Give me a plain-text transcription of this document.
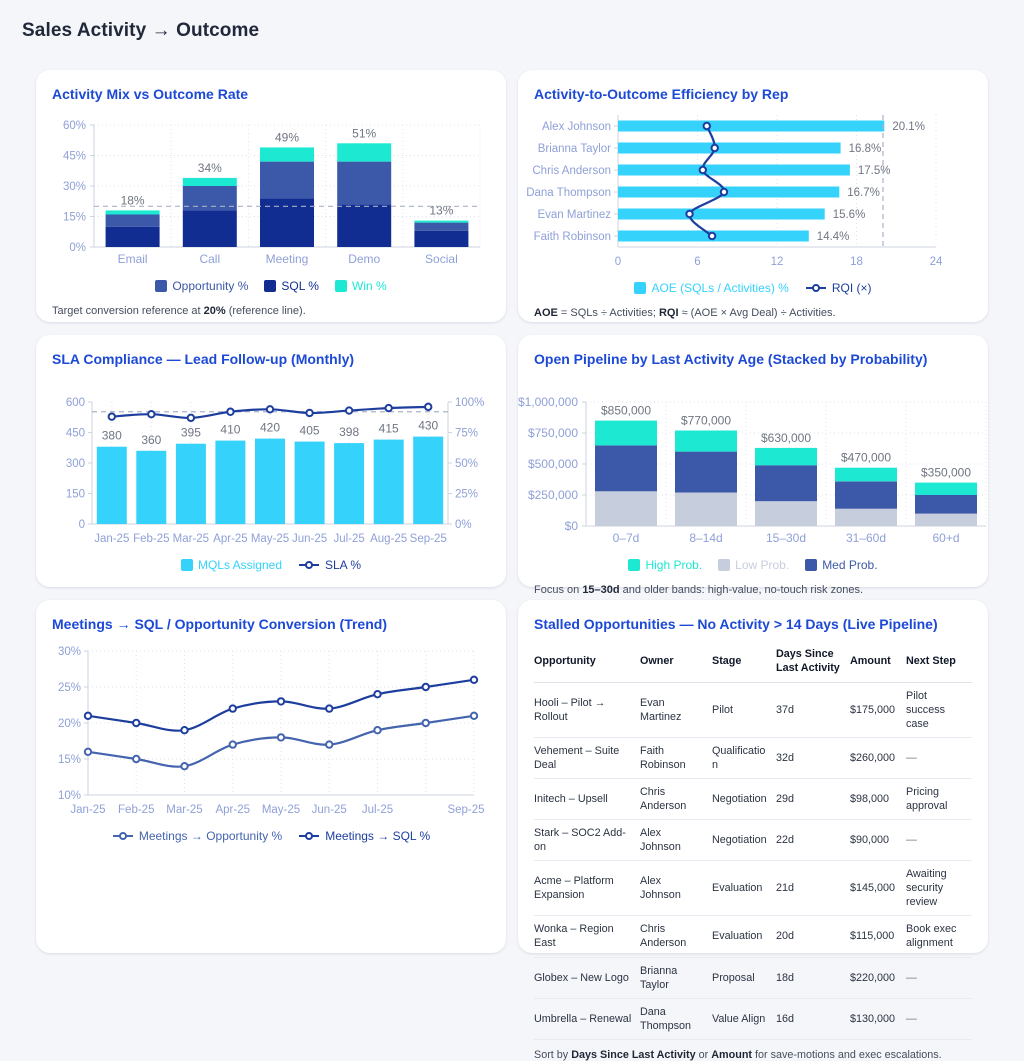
Sales Activity → Outcome
Activity Mix vs Outcome Rate
0%
15%
30%
45%
60%
18%
34%
49%	51%
13%
Email	Call	Meeting	Demo	Social
Opportunity %	SQL %	Win %
Target conversion reference at 20% (reference line).
Activity-to-Outcome Efficiency by Rep
Alex Johnson
Brianna Taylor
Chris Anderson
Dana Thompson
Evan Martinez
Faith Robinson
20.1%
16.8%
17.5%
16.7%
15.6%
14.4%
0	6	12	18	24
AOE (SQLs / Activities) %	RQI (×)
AOE = SQLs ÷ Activities; RQI ≈ (AOE × Avg Deal) ÷ Activities.
SLA Compliance — Lead Follow-up (Monthly)
0
150
300
450
600
0%
25%
50%
75%
100%
380 360
395 410 420 405 398 415 430
Jan-25 Feb-25 Mar-25 Apr-25 May-25 Jun-25 Jul-25 Aug-25 Sep-25
MQLs Assigned	SLA %
Open Pipeline by Last Activity Age (Stacked by Probability)
$0
$250,000
$500,000
$750,000
$1,000,000
$850,000
$770,000
$630,000
$470,000
$350,000
0–7d	8–14d	15–30d	31–60d	60+d
High Prob.	Low Prob.	Med Prob.
Focus on 15–30d and older bands: high-value, no-touch risk zones.
Meetings → SQL / Opportunity Conversion (Trend)
10%
15%
20%
25%
30%
Jan-25 Feb-25 Mar-25 Apr-25 May-25 Jun-25 Jul-25	Sep-25
Meetings → Opportunity %	Meetings → SQL %
Stalled Opportunities — No Activity > 14 Days (Live Pipeline)
Opportunity	Owner	Stage	Days Since Last Activity	Amount	Next Step
Hooli – Pilot → Rollout	Evan Martinez	Pilot	37d	$175,000	Pilot success case
Vehement – Suite Deal	Faith Robinson	Qualification	32d	$260,000	—
Initech – Upsell	Chris Anderson	Negotiation	29d	$98,000	Pricing approval
Stark – SOC2 Add-on	Alex Johnson	Negotiation	22d	$90,000	—
Acme – Platform Expansion	Alex Johnson	Evaluation	21d	$145,000	Awaiting security review
Wonka – Region East	Chris Anderson	Evaluation	20d	$115,000	Book exec alignment
Globex – New Logo	Brianna Taylor	Proposal	18d	$220,000	—
Umbrella – Renewal	Dana Thompson	Value Align	16d	$130,000	—
Sort by Days Since Last Activity or Amount for save-motions and exec escalations.
